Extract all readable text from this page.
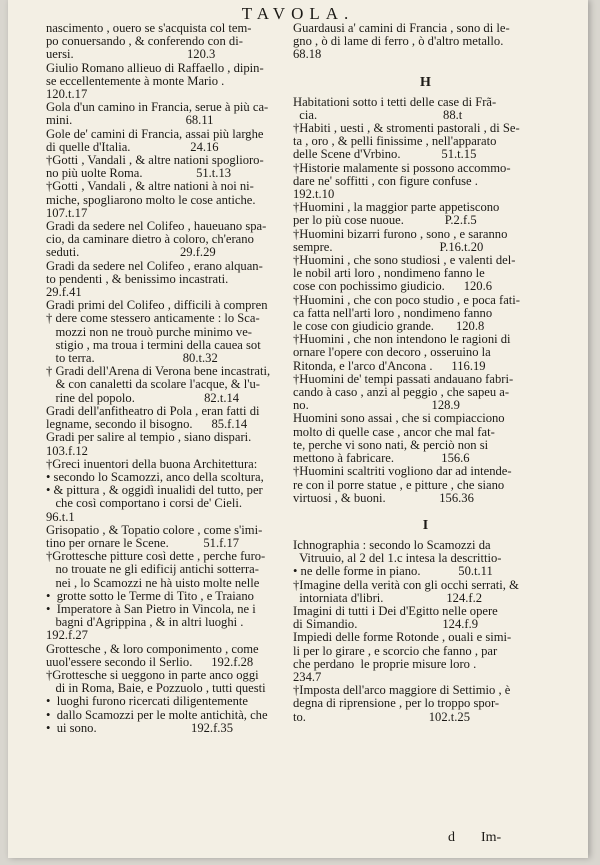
TAVOLA.
nascimento , ouero se s'acquista col tem-
po conuersando , & conferendo con di-
uersi.                                    120.3
Giulio Romano allieuo di Raffaello , dipin-
se eccellentemente à monte Mario .
120.t.17
Gola d'un camino in Francia, serue à più ca-
mini.                                    68.11
Gole de' camini di Francia, assai più larghe
di quelle d'Italia.                   24.16
†Gotti , Vandali , & altre nationi spoglioro-
no più uolte Roma.                 51.t.13
†Gotti , Vandali , & altre nationi à noi ni-
miche, spogliarono molto le cose antiche.
107.t.17
Gradi da sedere nel Colifeo , haueuano spa-
cio, da caminare dietro à coloro, ch'erano
seduti.                                29.f.29
Gradi da sedere nel Colifeo , erano alquan-
to pendenti , & benissimo incastrati.
29.f.41
Gradi primi del Colifeo , difficili à compren
† dere come stessero anticamente : lo Sca-
mozzi non ne trouò purche minimo ve-
stigio , ma troua i termini della cauea sot
to terra.                            80.t.32
† Gradi dell'Arena di Verona bene incastrati,
& con canaletti da scolare l'acque, & l'u-
rine del popolo.                      82.t.14
Gradi dell'anfitheatro di Pola , eran fatti di
legname, secondo il bisogno.      85.f.14
Gradi per salire al tempio , siano dispari.
103.f.12
†Greci inuentori della buona Architettura:
• secondo lo Scamozzi, anco della scoltura,
• & pittura , & oggidì inualidi del tutto, per
che così comportano i corsi de' Cieli.
96.t.1
Grisopatio , & Topatio colore , come s'imi-
tino per ornare le Scene.           51.f.17
†Grottesche pitture così dette , perche furo-
no trouate ne gli edificij antichi sotterra-
nei , lo Scamozzi ne hà uisto molte nelle
•  grotte sotto le Terme di Tito , e Traiano
•  Imperatore à San Pietro in Vincola, ne i
bagni d'Agrippina , & in altri luoghi .
192.f.27
Grottesche , & loro componimento , come
uuol'essere secondo il Serlio.      192.f.28
†Grottesche si ueggono in parte anco oggi
di in Roma, Baie, e Pozzuolo , tutti questi
•  luoghi furono ricercati diligentemente
•  dallo Scamozzi per le molte antichità, che
•  ui sono.                              192.f.35
Guardausi a' camini di Francia , sono di le-
gno , ò di lame di ferro , ò d'altro metallo.
68.18
H
Habitationi sotto i tetti delle case di Frã-
cia.                                        88.t
†Habiti , uesti , & stromenti pastorali , di Se-
ta , oro , & pelli finissime , nell'apparato
delle Scene d'Vrbino.             51.t.15
†Historie malamente si possono accommo-
dare ne' soffitti , con figure confuse .
192.t.10
†Huomini , la maggior parte appetiscono
per lo più cose nuoue.             P.2.f.5
†Huomini bizarri furono , sono , e saranno
sempre.                                  P.16.t.20
†Huomini , che sono studiosi , e valenti del-
le nobil arti loro , nondimeno fanno le
cose con pochissimo giudicio.      120.6
†Huomini , che con poco studio , e poca fati-
ca fatta nell'arti loro , nondimeno fanno
le cose con giudicio grande.       120.8
†Huomini , che non intendono le ragioni di
ornare l'opere con decoro , osseruino la
Ritonda, e l'arco d'Ancona .      116.19
†Huomini de' tempi passati andauano fabri-
cando à caso , anzi al peggio , che sapeu a-
no.                                       128.9
Huomini sono assai , che si compiacciono
molto di quelle case , ancor che mal fat-
te, perche vi sono nati, & perciò non si
mettono à fabricare.               156.6
†Huomini scaltriti vogliono dar ad intende-
re con il porre statue , e pitture , che siano
virtuosi , & buoni.                 156.36
I
Ichnographia : secondo lo Scamozzi da
Vitruuio, al 2 del 1.c intesa la descrittio-
• ne delle forme in piano.            50.t.11
†Imagine della verità con gli occhi serrati, &
intorniata d'libri.                    124.f.2
Imagini di tutti i Dei d'Egitto nelle opere
di Simandio.                           124.f.9
Impiedi delle forme Rotonde , ouali e simi-
li per lo girare , e scorcio che fanno , par
che perdano  le proprie misure loro .
234.7
†Imposta dell'arco maggiore di Settimio , è
degna di riprensione , per lo troppo spor-
to.                                       102.t.25
d Im-
